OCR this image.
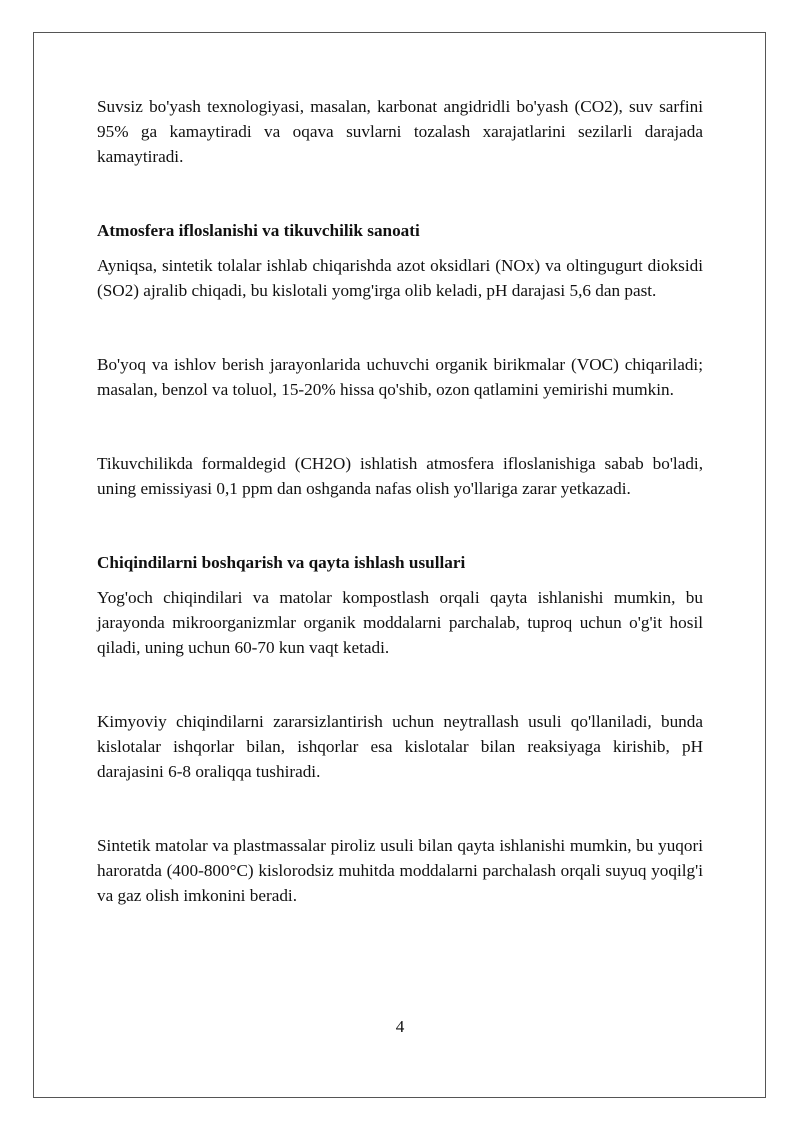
Suvsiz bo'yash texnologiyasi, masalan, karbonat angidridli bo'yash (CO2), suv sarfini 95% ga kamaytiradi va oqava suvlarni tozalash xarajatlarini sezilarli darajada kamaytiradi.

Atmosfera ifloslanishi va tikuvchilik sanoati

Ayniqsa, sintetik tolalar ishlab chiqarishda azot oksidlari (NOx) va oltingugurt dioksidi (SO2) ajralib chiqadi, bu kislotali yomg'irga olib keladi, pH darajasi 5,6 dan past.

Bo'yoq va ishlov berish jarayonlarida uchuvchi organik birikmalar (VOC) chiqariladi; masalan, benzol va toluol, 15-20% hissa qo'shib, ozon qatlamini yemirishi mumkin.

Tikuvchilikda formaldegid (CH2O) ishlatish atmosfera ifloslanishiga sabab bo'ladi, uning emissiyasi 0,1 ppm dan oshganda nafas olish yo'llariga zarar yetkazadi.

Chiqindilarni boshqarish va qayta ishlash usullari

Yog'och chiqindilari va matolar kompostlash orqali qayta ishlanishi mumkin, bu jarayonda mikroorganizmlar organik moddalarni parchalab, tuproq uchun o'g'it hosil qiladi, uning uchun 60-70 kun vaqt ketadi.

Kimyoviy chiqindilarni zararsizlantirish uchun neytrallash usuli qo'llaniladi, bunda kislotalar ishqorlar bilan, ishqorlar esa kislotalar bilan reaksiyaga kirishib, pH darajasini 6-8 oraliqqa tushiradi.

Sintetik matolar va plastmassalar piroliz usuli bilan qayta ishlanishi mumkin, bu yuqori haroratda (400-800°C) kislorodsiz muhitda moddalarni parchalash orqali suyuq yoqilg'i va gaz olish imkonini beradi.

4
